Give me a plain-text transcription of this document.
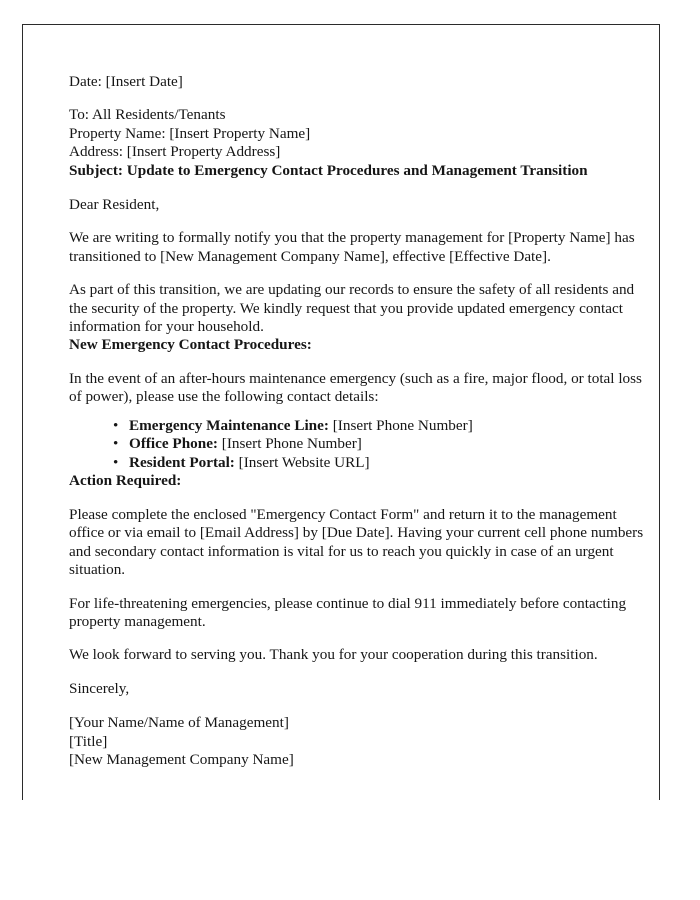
Date: [Insert Date]

To: All Residents/Tenants

Property Name: [Insert Property Name]

Address: [Insert Property Address]

Subject: Update to Emergency Contact Procedures and Management Transition

Dear Resident,

We are writing to formally notify you that the property management for [Property Name] has transitioned to [New Management Company Name], effective [Effective Date].

As part of this transition, we are updating our records to ensure the safety of all residents and the security of the property. We kindly request that you provide updated emergency contact information for your household.

New Emergency Contact Procedures:

In the event of an after-hours maintenance emergency (such as a fire, major flood, or total loss of power), please use the following contact details:

• Emergency Maintenance Line: [Insert Phone Number]
• Office Phone: [Insert Phone Number]
• Resident Portal: [Insert Website URL]

Action Required:

Please complete the enclosed "Emergency Contact Form" and return it to the management office or via email to [Email Address] by [Due Date]. Having your current cell phone numbers and secondary contact information is vital for us to reach you quickly in case of an urgent situation.

For life-threatening emergencies, please continue to dial 911 immediately before contacting property management.

We look forward to serving you. Thank you for your cooperation during this transition.

Sincerely,

[Your Name/Name of Management]

[Title]

[New Management Company Name]
